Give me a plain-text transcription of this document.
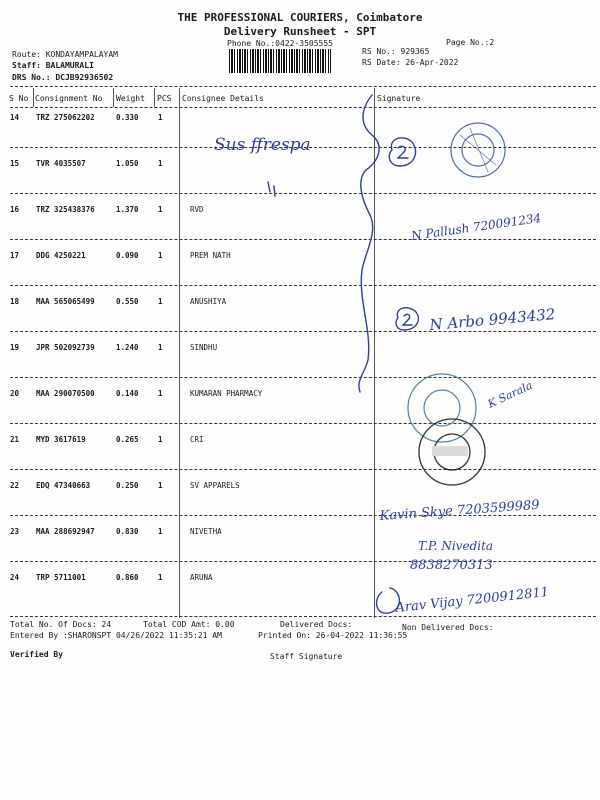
THE PROFESSIONAL COURIERS, Coimbatore
Delivery Runsheet - SPT
Phone No.:0422-3505555	Page No.:2
Route: KONDAYAMPALAYAM
Staff: BALAMURALI
DRS No.: DCJB92936502
RS No.: 929365
RS Date: 26-Apr-2022
S No Consignment No Weight PCS Consignee Details	Signature
14 TRZ 275062202	0.330	1
15 TVR 4035507	1.050	1
16 TRZ 325438376	1.370	1	RVD
17 DDG 4250221	0.090	1	PREM NATH
18 MAA 565065499	0.550	1	ANUSHIYA
19 JPR 502092739	1.240	1	SINDHU
20 MAA 290070500	0.140	1	KUMARAN PHARMACY
21 MYD 3617619	0.265	1	CRI
22 EDQ 47340663	0.250	1	SV APPARELS
23 MAA 288692947	0.830	1	NIVETHA
24 TRP 5711001	0.860	1	ARUNA
Total No. Of Docs: 24	Total COD Amt: 0.00	Delivered Docs:	Non Delivered Docs:
Entered By :SHARONSPT 04/26/2022 11:35:21 AM	Printed On: 26-04-2022 11:36:55
Verified By	Staff Signature
Sus ffrespa
N Pallush 720091234
N Arbo 9943432
K Sarala
Kavin Skye 7203599989
T.P. Nivedita
8838270313
Arav Vijay 7200912811
